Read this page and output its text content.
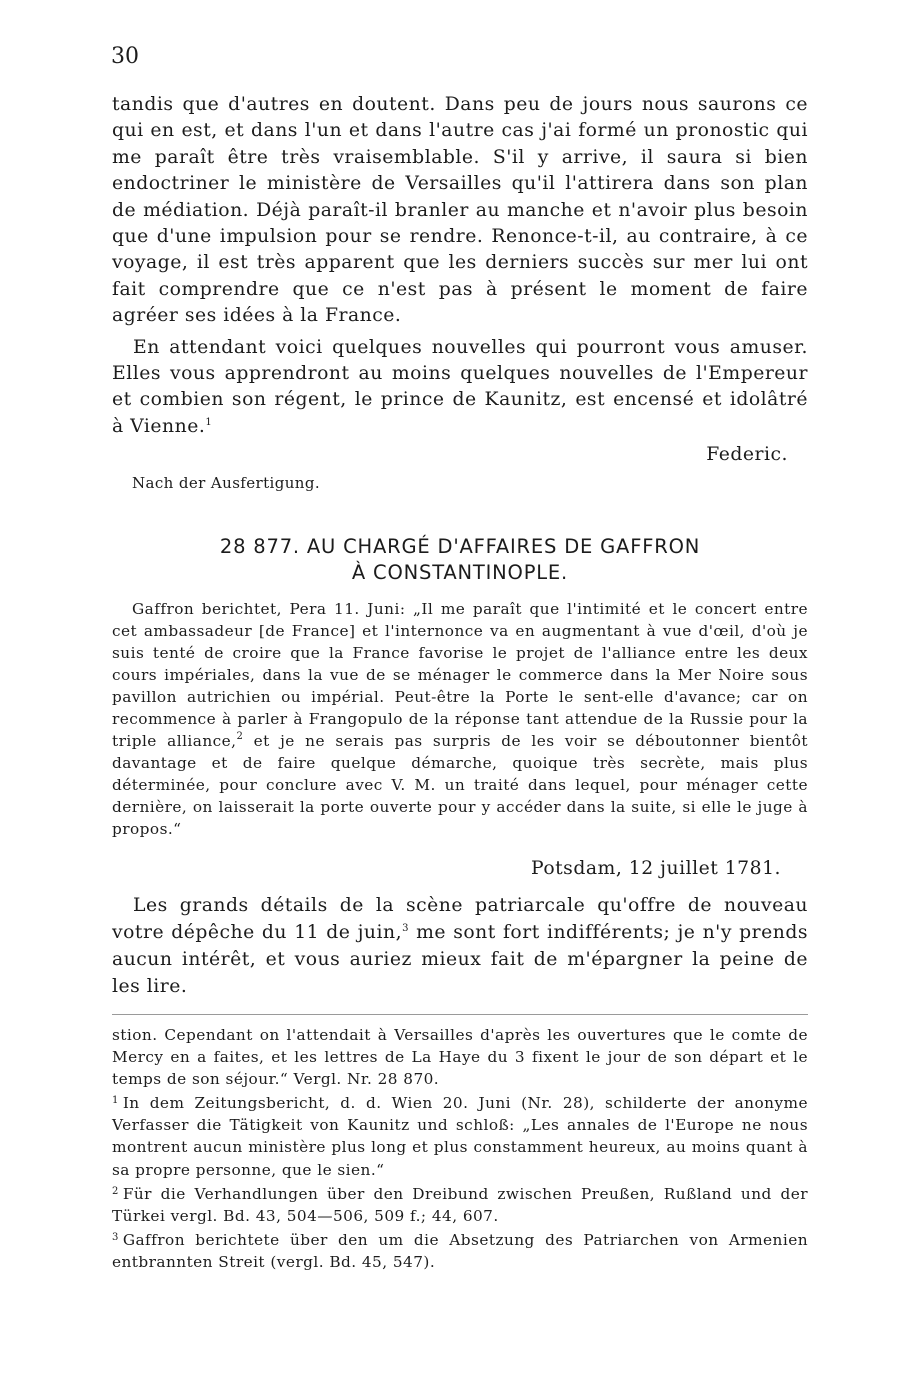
30

tandis que d'autres en doutent. Dans peu de jours nous saurons ce qui en est, et dans l'un et dans l'autre cas j'ai formé un pronostic qui me paraît être très vraisemblable. S'il y arrive, il saura si bien endoctriner le ministère de Versailles qu'il l'attirera dans son plan de médiation. Déjà paraît-il branler au manche et n'avoir plus besoin que d'une impulsion pour se rendre. Renonce-t-il, au contraire, à ce voyage, il est très apparent que les derniers succès sur mer lui ont fait comprendre que ce n'est pas à présent le moment de faire agréer ses idées à la France.

En attendant voici quelques nouvelles qui pourront vous amuser. Elles vous apprendront au moins quelques nouvelles de l'Empereur et combien son régent, le prince de Kaunitz, est encensé et idolâtré à Vienne.$^1$

Federic.
Nach der Ausfertigung.
28 877. AU CHARGÉ D'AFFAIRES DE GAFFRON
À CONSTANTINOPLE.

Gaffron berichtet, Pera 11. Juni: „Il me paraît que l'intimité et le concert entre cet ambassadeur [de France] et l'internonce va en augmentant à vue d'œil, d'où je suis tenté de croire que la France favorise le projet de l'alliance entre les deux cours impériales, dans la vue de se ménager le commerce dans la Mer Noire sous pavillon autrichien ou impérial. Peut-être la Porte le sent-elle d'avance; car on recommence à parler à Frangopulo de la réponse tant attendue de la Russie pour la triple alliance,$^2$ et je ne serais pas surpris de les voir se déboutonner bientôt davantage et de faire quelque démarche, quoique très secrète, mais plus déterminée, pour conclure avec V. M. un traité dans lequel, pour ménager cette dernière, on laisserait la porte ouverte pour y accéder dans la suite, si elle le juge à propos.“

Potsdam, 12 juillet 1781.

Les grands détails de la scène patriarcale qu'offre de nouveau votre dépêche du 11 de juin,$^3$ me sont fort indifférents; je n'y prends aucun intérêt, et vous auriez mieux fait de m'épargner la peine de les lire.

stion. Cependant on l'attendait à Versailles d'après les ouvertures que le comte de Mercy en a faites, et les lettres de La Haye du 3 fixent le jour de son départ et le temps de son séjour.“ Vergl. Nr. 28 870.

$^1$ In dem Zeitungsbericht, d. d. Wien 20. Juni (Nr. 28), schilderte der anonyme Verfasser die Tätigkeit von Kaunitz und schloß: „Les annales de l'Europe ne nous montrent aucun ministère plus long et plus constamment heureux, au moins quant à sa propre personne, que le sien.“

$^2$ Für die Verhandlungen über den Dreibund zwischen Preußen, Rußland und der Türkei vergl. Bd. 43, 504—506, 509 f.; 44, 607.

$^3$ Gaffron berichtete über den um die Absetzung des Patriarchen von Armenien entbrannten Streit (vergl. Bd. 45, 547).
